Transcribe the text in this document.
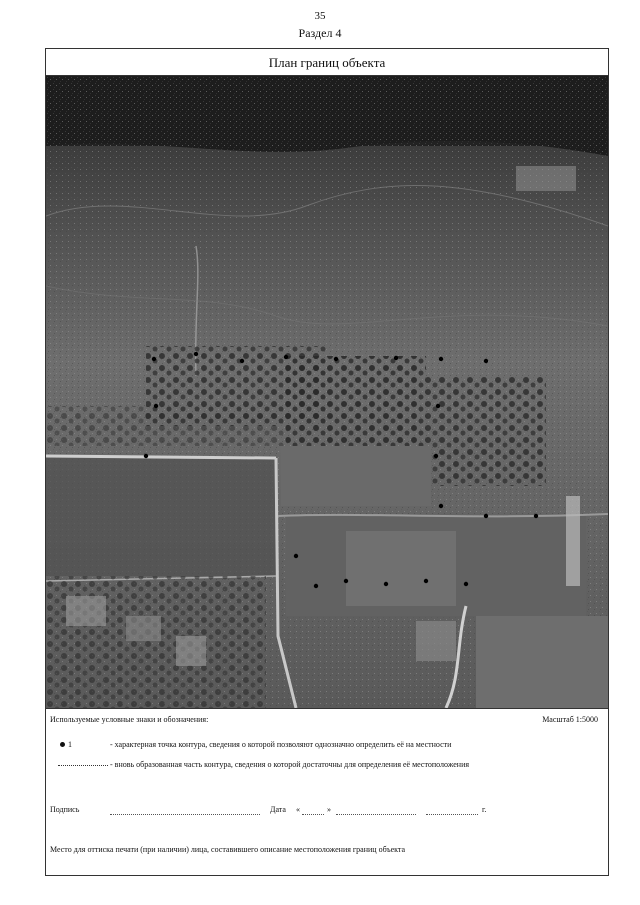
35
Раздел 4
План границ объекта
Используемые условные знаки и обозначения:	Масштаб 1:5000
1	- характерная точка контура, сведения о которой позволяют однозначно определить её на местности
- вновь образованная часть контура, сведения о которой достаточны для определения её местоположения
Подпись	Дата «	»	г.
Место для оттиска печати (при наличии) лица, составившего описание местоположения границ объекта
